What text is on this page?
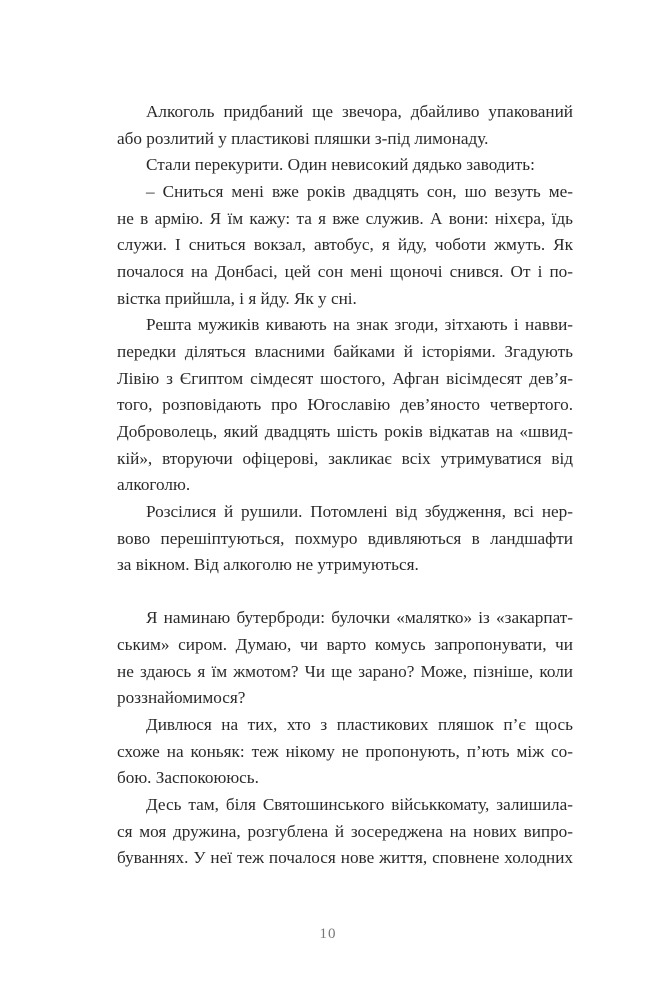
Алкоголь придбаний ще звечора, дбайливо упакований
або розлитий у пластикові пляшки з-під лимонаду.
Стали перекурити. Один невисокий дядько заводить:
– Сниться мені вже років двадцять сон, шо везуть ме-
не в армію. Я їм кажу: та я вже служив. А вони: ніхєра, їдь
служи. І сниться вокзал, автобус, я йду, чоботи жмуть. Як
почалося на Донбасі, цей сон мені щоночі снився. От і по-
вістка прийшла, і я йду. Як у сні.
Решта мужиків кивають на знак згоди, зітхають і навви-
передки діляться власними байками й історіями. Згадують
Лівію з Єгиптом сімдесят шостого, Афган вісімдесят дев’я-
того, розповідають про Югославію дев’яносто четвертого.
Доброволець, який двадцять шість років відкатав на «швид-
кій», вторуючи офіцерові, закликає всіх утримуватися від
алкоголю.
Розсілися й рушили. Потомлені від збудження, всі нер-
вово перешіптуються, похмуро вдивляються в ландшафти
за вікном. Від алкоголю не утримуються.
Я наминаю бутерброди: булочки «малятко» із «закарпат-
ським» сиром. Думаю, чи варто комусь запропонувати, чи
не здаюсь я їм жмотом? Чи ще зарано? Може, пізніше, коли
роззнайомимося?
Дивлюся на тих, хто з пластикових пляшок п’є щось
схоже на коньяк: теж нікому не пропонують, п’ють між со-
бою. Заспокоююсь.
Десь там, біля Святошинського військкомату, залишила-
ся моя дружина, розгублена й зосереджена на нових випро-
буваннях. У неї теж почалося нове життя, сповнене холодних
10
